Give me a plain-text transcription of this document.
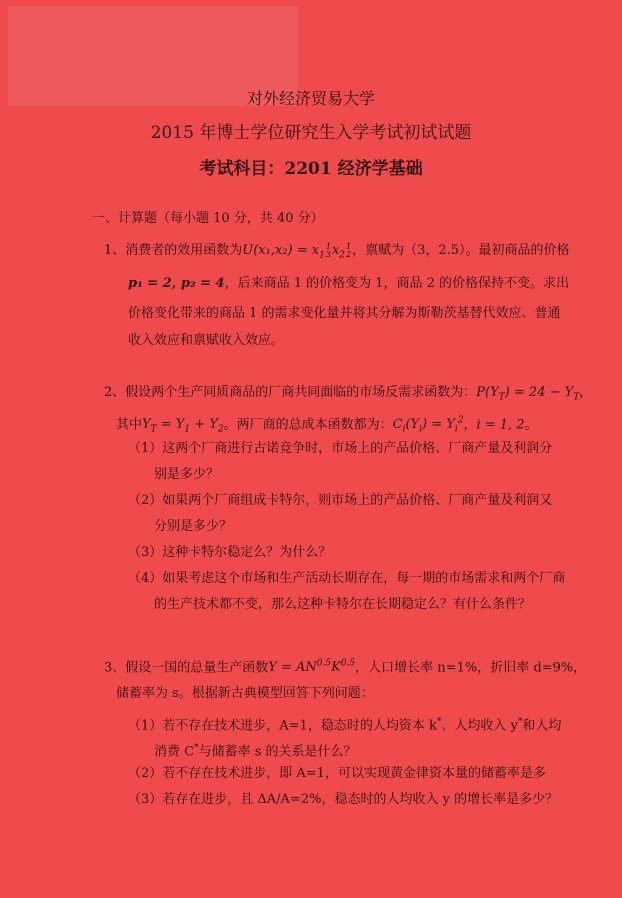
对外经济贸易大学
2015 年博士学位研究生入学考试初试试题
考试科目：2201 经济学基础
一、计算题（每小题 10 分，共 40 分）
1、消费者的效用函数为$U(x_1,x_2) = x_11$
$3x_21$
2，禀赋为（3，2.5）。最初商品的价格
p₁ = 2, p₂ = 4，后来商品 1 的价格变为 1，商品 2 的价格保持不变。求出
价格变化带来的商品 1 的需求变化量并将其分解为斯勒茨基替代效应、普通
收入效应和禀赋收入效应。
2、假设两个生产同质商品的厂商共同面临的市场反需求函数为：$P(Y_T) = 24 - Y_T$，
其中$Y_T = Y_1 + Y_2$。两厂商的总成本函数都为：$C_i(Y_i) = Y_i^2$，i = 1, 2。
（1）这两个厂商进行古诺竞争时，市场上的产品价格、厂商产量及利润分
别是多少？
（2）如果两个厂商组成卡特尔，则市场上的产品价格、厂商产量及利润又
分别是多少？
（3）这种卡特尔稳定么？为什么？
（4）如果考虑这个市场和生产活动长期存在，每一期的市场需求和两个厂商
的生产技术都不变，那么这种卡特尔在长期稳定么？有什么条件？
3、假设一国的总量生产函数$Y = AN^{0.5}K^{0.5}$，人口增长率 n=1%，折旧率 d=9%，
储蓄率为 s。根据新古典模型回答下列问题：
（1）若不存在技术进步，A=1，稳态时的人均资本 k*、人均收入 y*和人均
消费 C*与储蓄率 s 的关系是什么？
（2）若不存在技术进步，即 A=1，可以实现黄金律资本量的储蓄率是多
（3）若存在进步，且 ΔA/A=2%，稳态时的人均收入 y 的增长率是多少？
